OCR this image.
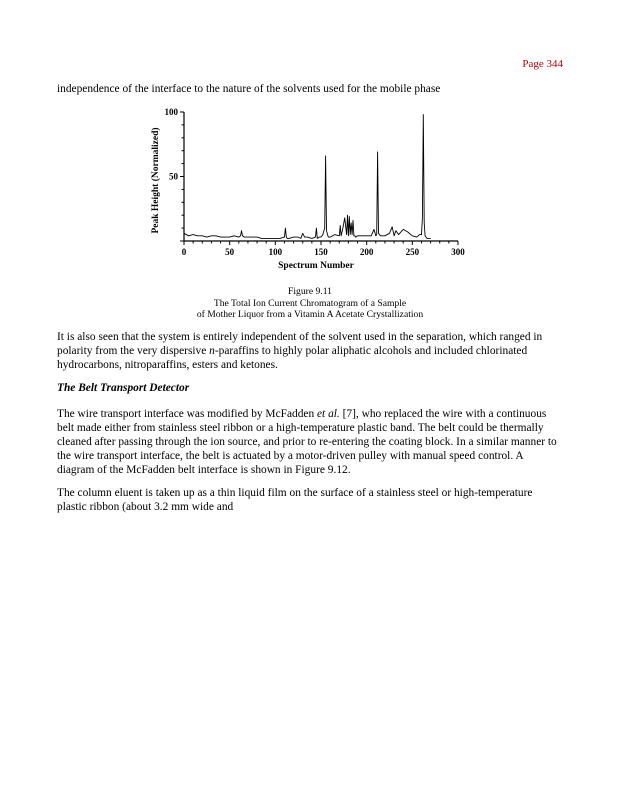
Page 344

independence of the interface to the nature of the solvents used for the mobile phase

0	50	100	150	200	250	300
50
100
Spectrum Number
Peak Height (Normalized)
Figure 9.11
The Total Ion Current Chromatogram of a Sample
of Mother Liquor from a Vitamin A Acetate Crystallization

It is also seen that the system is entirely independent of the solvent used in the separation, which ranged in polarity from the very dispersive n-paraffins to highly polar aliphatic alcohols and included chlorinated hydrocarbons, nitroparaffins, esters and ketones.

The Belt Transport Detector

The wire transport interface was modified by McFadden et al. [7], who replaced the wire with a continuous belt made either from stainless steel ribbon or a high-temperature plastic band. The belt could be thermally cleaned after passing through the ion source, and prior to re-entering the coating block. In a similar manner to the wire transport interface, the belt is actuated by a motor-driven pulley with manual speed control. A diagram of the McFadden belt interface is shown in Figure 9.12.

The column eluent is taken up as a thin liquid film on the surface of a stainless steel or high-temperature plastic ribbon (about 3.2 mm wide and
